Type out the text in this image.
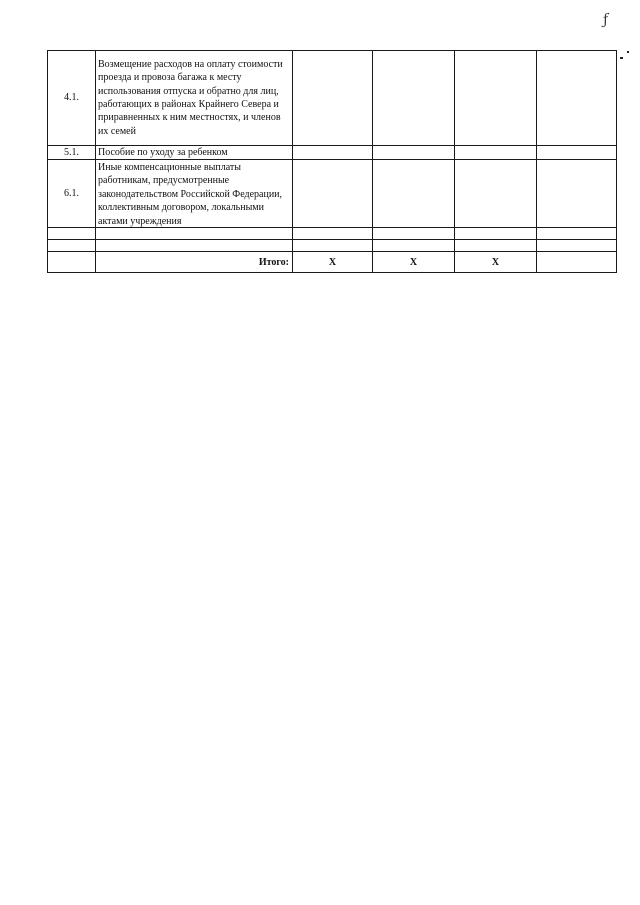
ƒ
4.1.	Возмещение расходов на оплату стоимости проезда и провоза багажа к месту использования отпуска и обратно для лиц, работающих в районах Крайнего Севера и приравненных к ним местностях, и членов их семей				

5.1.	Пособие по уходу за ребенком				

6.1.	Иные компенсационные выплаты работникам, предусмотренные законодательством Российской Федерации, коллективным договором, локальными актами учреждения				

	Итого:	X	X	X	
